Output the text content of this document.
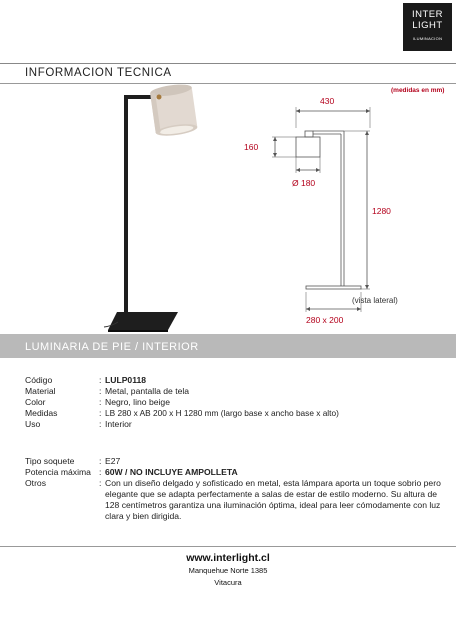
INTER
LIGHT
ILUMINACION
INFORMACION TECNICA
(medidas en mm)
430
160
Ø 180
1280
(vista lateral)
280 x 200
LUMINARIA DE PIE / INTERIOR
Código	: LULP0118
Material	: Metal, pantalla de tela
Color	: Negro, lino beige
Medidas	: LB 280 x AB 200 x H 1280 mm (largo base x ancho base x alto)
Uso	: Interior
Tipo soquete	: E27
Potencia máxima : 60W / NO INCLUYE AMPOLLETA
Otros	: Con un diseño delgado y sofisticado en metal, esta lámpara aporta un toque sobrio pero elegante que se adapta perfectamente a salas de estar de estilo moderno. Su altura de 128 centímetros garantiza una iluminación óptima, ideal para leer cómodamente con luz clara y bien dirigida.
www.interlight.cl
Manquehue Norte 1385
Vitacura
